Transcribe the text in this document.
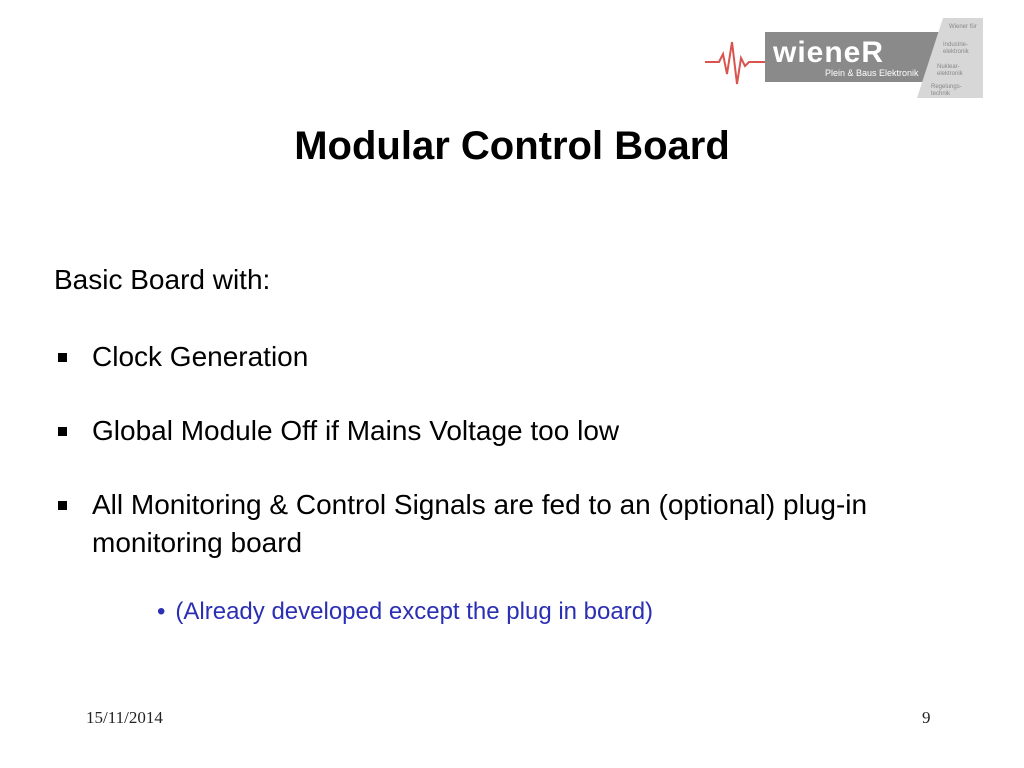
wieneR
Plein & Baus Elektronik
Wiener für
Industrie-
elektronik
Nuklear-
elektronik
Regelungs-
technik
Modular Control Board
Basic Board with:
Clock Generation
Global Module Off if Mains Voltage too low
All Monitoring & Control Signals are fed to an (optional) plug-in monitoring board
• (Already developed except the plug in board)
15/11/2014	9
